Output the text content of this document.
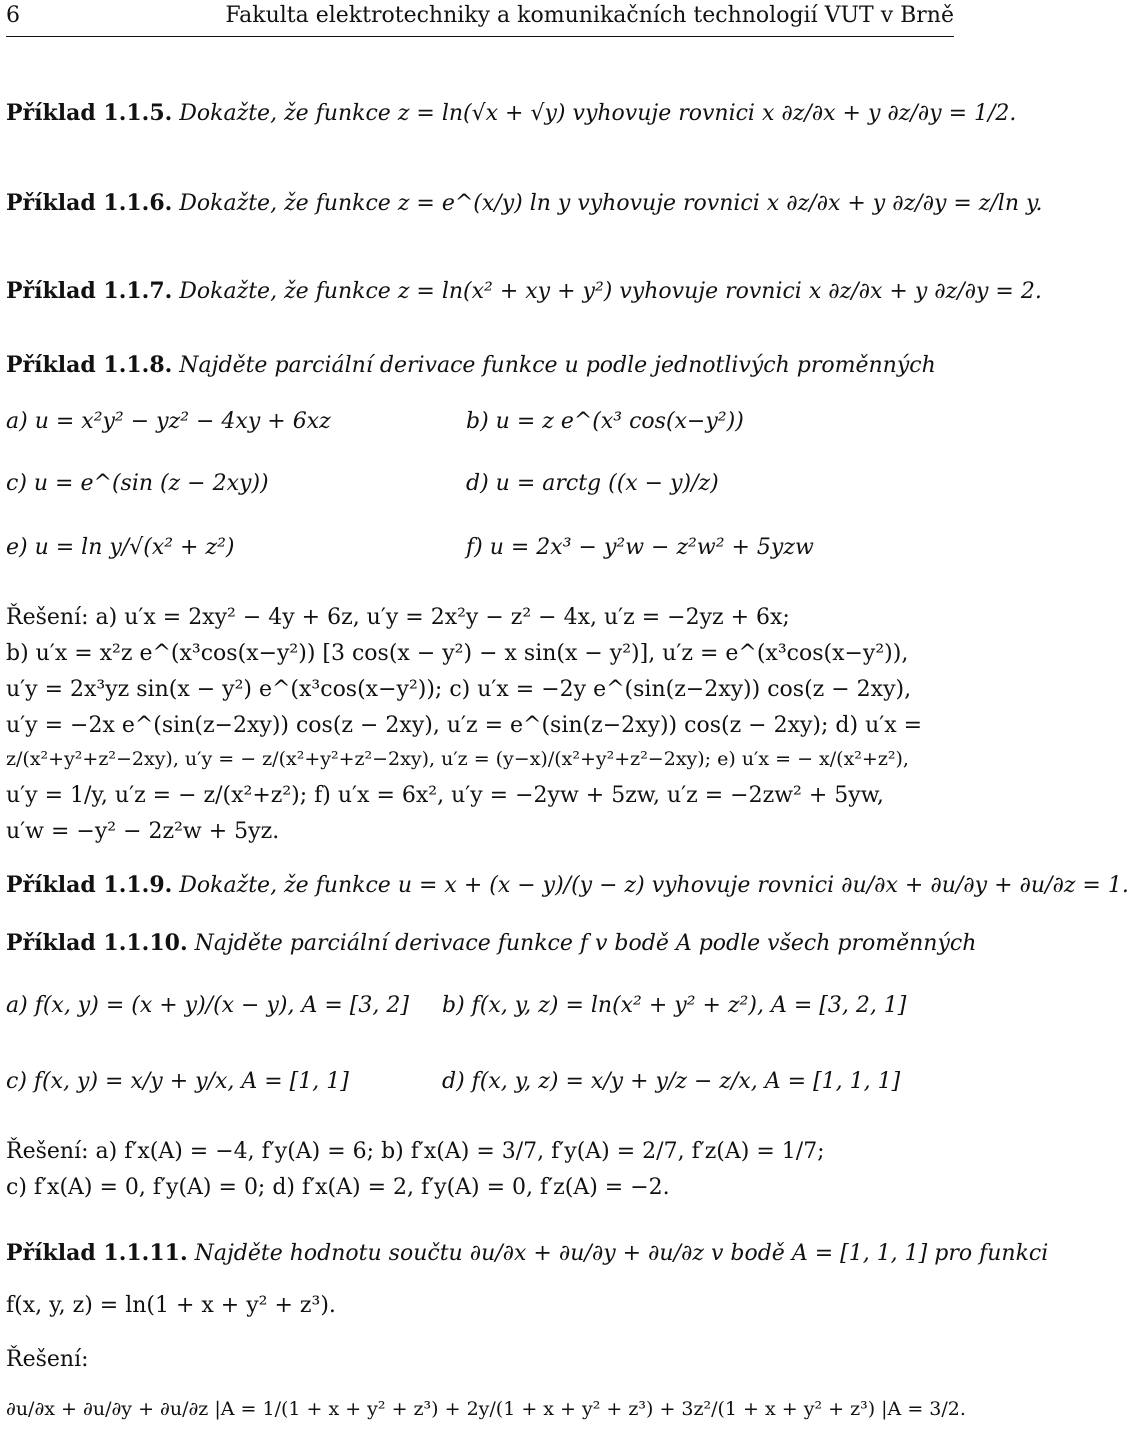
6	Fakulta elektrotechniky a komunikačních technologií VUT v Brně
Příklad 1.1.5. Dokažte, že funkce z = ln(√x + √y) vyhovuje rovnici x ∂z/∂x + y ∂z/∂y = 1/2.
Příklad 1.1.6. Dokažte, že funkce z = e^(x/y) ln y vyhovuje rovnici x ∂z/∂x + y ∂z/∂y = z/ln y.
Příklad 1.1.7. Dokažte, že funkce z = ln(x² + xy + y²) vyhovuje rovnici x ∂z/∂x + y ∂z/∂y = 2.
Příklad 1.1.8. Najděte parciální derivace funkce u podle jednotlivých proměnných
a) u = x²y² − yz² − 4xy + 6xz	b) u = z e^(x³ cos(x−y²))
c) u = e^(sin (z − 2xy))	d) u = arctg ((x − y)/z)
e) u = ln y/√(x² + z²)	f) u = 2x³ − y²w − z²w² + 5yzw
Řešení: a) u′x = 2xy² − 4y + 6z, u′y = 2x²y − z² − 4x, u′z = −2yz + 6x;
b) u′x = x²z e^(x³cos(x−y²)) [3 cos(x − y²) − x sin(x − y²)], u′z = e^(x³cos(x−y²)),
u′y = 2x³yz sin(x − y²) e^(x³cos(x−y²)); c) u′x = −2y e^(sin(z−2xy)) cos(z − 2xy),
u′y = −2x e^(sin(z−2xy)) cos(z − 2xy), u′z = e^(sin(z−2xy)) cos(z − 2xy); d) u′x =
z/(x²+y²+z²−2xy), u′y = − z/(x²+y²+z²−2xy), u′z = (y−x)/(x²+y²+z²−2xy); e) u′x = − x/(x²+z²),
u′y = 1/y, u′z = − z/(x²+z²); f) u′x = 6x², u′y = −2yw + 5zw, u′z = −2zw² + 5yw,
u′w = −y² − 2z²w + 5yz.
Příklad 1.1.9. Dokažte, že funkce u = x + (x − y)/(y − z) vyhovuje rovnici ∂u/∂x + ∂u/∂y + ∂u/∂z = 1.
Příklad 1.1.10. Najděte parciální derivace funkce f v bodě A podle všech proměnných
a) f(x, y) = (x + y)/(x − y), A = [3, 2] b) f(x, y, z) = ln(x² + y² + z²), A = [3, 2, 1]
c) f(x, y) = x/y + y/x, A = [1, 1]	d) f(x, y, z) = x/y + y/z − z/x, A = [1, 1, 1]
Řešení: a) f′x(A) = −4, f′y(A) = 6; b) f′x(A) = 3/7, f′y(A) = 2/7, f′z(A) = 1/7;
c) f′x(A) = 0, f′y(A) = 0; d) f′x(A) = 2, f′y(A) = 0, f′z(A) = −2.
Příklad 1.1.11. Najděte hodnotu součtu ∂u/∂x + ∂u/∂y + ∂u/∂z v bodě A = [1, 1, 1] pro funkci
f(x, y, z) = ln(1 + x + y² + z³).
Řešení:
∂u/∂x + ∂u/∂y + ∂u/∂z |A = 1/(1 + x + y² + z³) + 2y/(1 + x + y² + z³) + 3z²/(1 + x + y² + z³) |A = 3/2.
